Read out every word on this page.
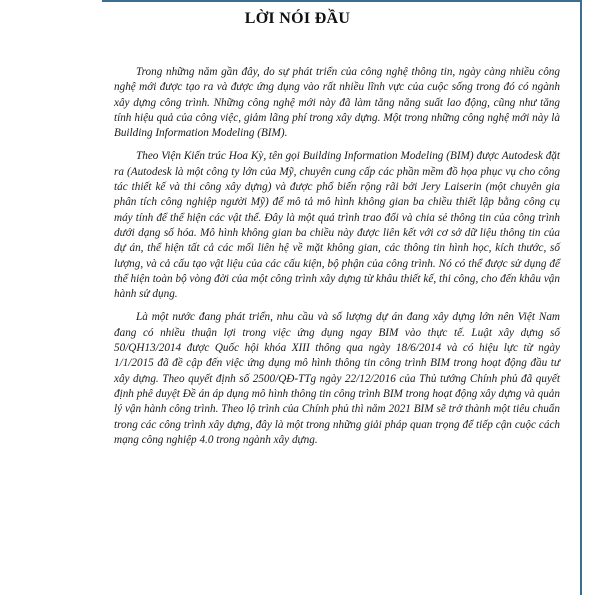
LỜI NÓI ĐẦU

Trong những năm gần đây, do sự phát triển của công nghệ thông tin, ngày càng nhiều công nghệ mới được tạo ra và được ứng dụng vào rất nhiều lĩnh vực của cuộc sống trong đó có ngành xây dựng công trình. Những công nghệ mới này đã làm tăng năng suất lao động, cũng như tăng tính hiệu quả của công việc, giảm lãng phí trong xây dựng. Một trong những công nghệ mới này là Building Information Modeling (BIM).

Theo Viện Kiến trúc Hoa Kỳ, tên gọi Building Information Modeling (BIM) được Autodesk đặt ra (Autodesk là một công ty lớn của Mỹ, chuyên cung cấp các phần mềm đồ họa phục vụ cho công tác thiết kế và thi công xây dựng) và được phổ biến rộng rãi bởi Jery Laiserin (một chuyên gia phân tích công nghiệp người Mỹ) để mô tả mô hình không gian ba chiều thiết lập bằng công cụ máy tính để thể hiện các vật thể. Đây là một quá trình trao đổi và chia sẻ thông tin của công trình dưới dạng số hóa. Mô hình không gian ba chiều này được liên kết với cơ sở dữ liệu thông tin của dự án, thể hiện tất cả các mối liên hệ về mặt không gian, các thông tin hình học, kích thước, số lượng, và cả cấu tạo vật liệu của các cấu kiện, bộ phận của công trình. Nó có thể được sử dụng để thể hiện toàn bộ vòng đời của một công trình xây dựng từ khâu thiết kế, thi công, cho đến khâu vận hành sử dụng.

Là một nước đang phát triển, nhu cầu và số lượng dự án đang xây dựng lớn nên Việt Nam đang có nhiều thuận lợi trong việc ứng dụng ngay BIM vào thực tế. Luật xây dựng số 50/QH13/2014 được Quốc hội khóa XIII thông qua ngày 18/6/2014 và có hiệu lực từ ngày 1/1/2015 đã đề cập đến việc ứng dụng mô hình thông tin công trình BIM trong hoạt động đầu tư xây dựng. Theo quyết định số 2500/QĐ-TTg ngày 22/12/2016 của Thủ tướng Chính phủ đã quyết định phê duyệt Đề án áp dụng mô hình thông tin công trình BIM trong hoạt động xây dựng và quản lý vận hành công trình. Theo lộ trình của Chính phủ thì năm 2021 BIM sẽ trở thành một tiêu chuẩn trong các công trình xây dựng, đây là một trong những giải pháp quan trọng để tiếp cận cuộc cách mạng công nghiệp 4.0 trong ngành xây dựng.
